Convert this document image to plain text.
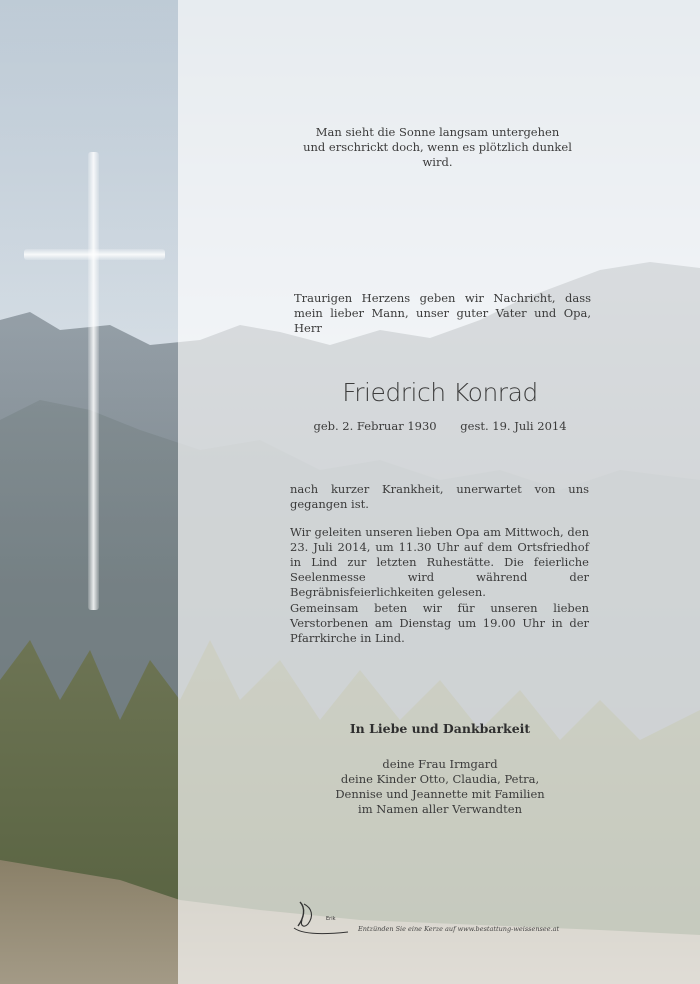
Man sieht die Sonne langsam untergehen
und erschrickt doch, wenn es plötzlich dunkel wird.
Traurigen Herzens geben wir Nachricht, dass mein lieber Mann, unser guter Vater und Opa, Herr
Friedrich Konrad
geb. 2. Februar 1930 gest. 19. Juli 2014
nach kurzer Krankheit, unerwartet von uns gegangen ist.
Wir geleiten unseren lieben Opa am Mittwoch, den 23. Juli 2014, um 11.30 Uhr auf dem Ortsfriedhof in Lind zur letzten Ruhestätte. Die feierliche Seelenmesse wird während der Begräbnisfeierlichkeiten gelesen.
Gemeinsam beten wir für unseren lieben Verstorbenen am Dienstag um 19.00 Uhr in der Pfarrkirche in Lind.
In Liebe und Dankbarkeit
deine Frau Irmgard
deine Kinder Otto, Claudia, Petra,
Dennise und Jeannette mit Familien
im Namen aller Verwandten
Erik
Entzünden Sie eine Kerze auf www.bestattung-weissensee.at
